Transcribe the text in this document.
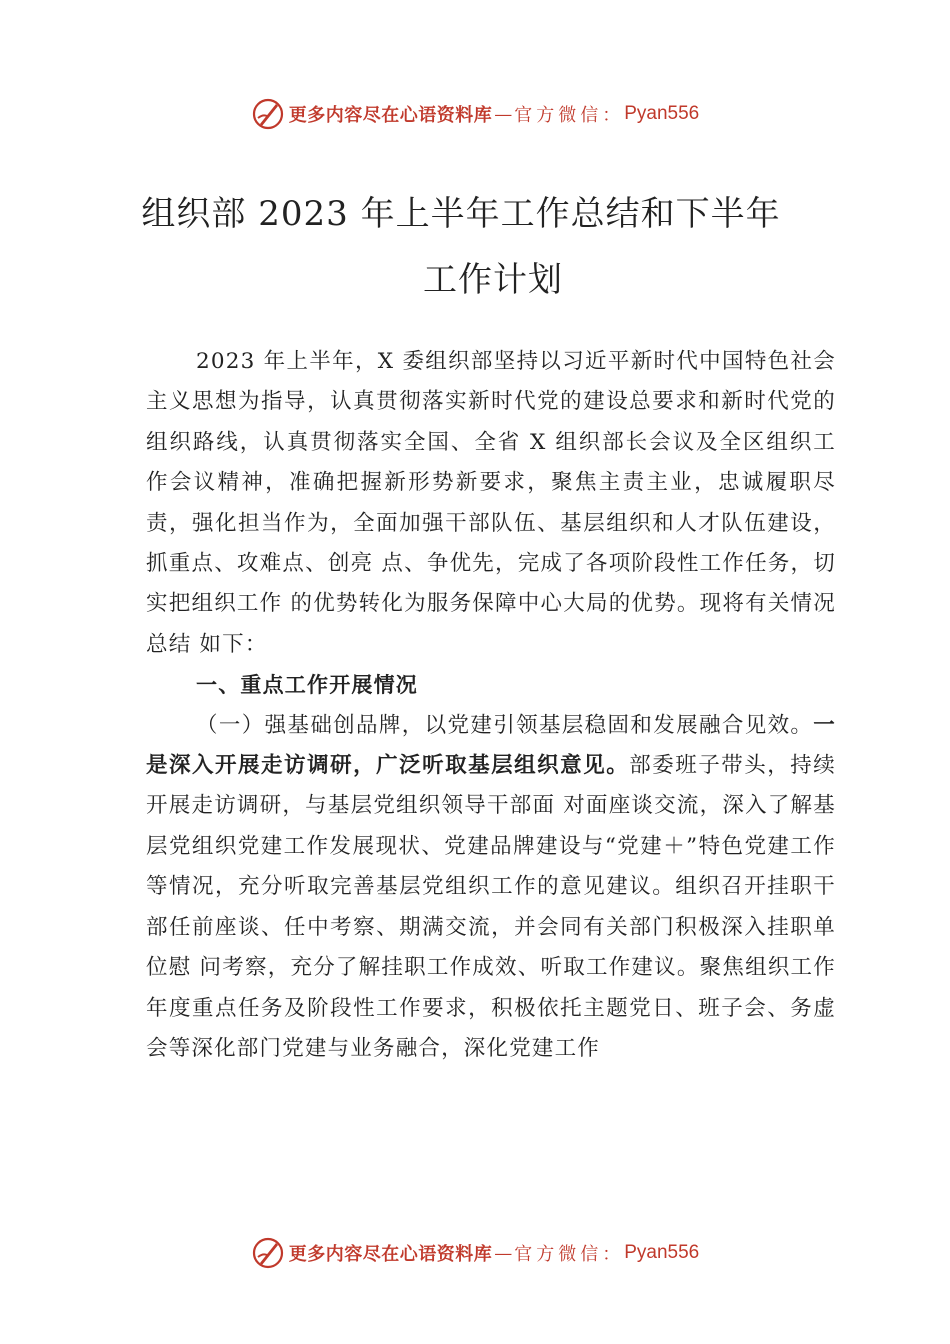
更多内容尽在心语资料库 — 官方微信： Pyan556
组织部 2023 年上半年工作总结和下半年
工作计划

2023 年上半年，X 委组织部坚持以习近平新时代中国特色社会主义思想为指导，认真贯彻落实新时代党的建设总要求和新时代党的组织路线，认真贯彻落实全国、全省 X 组织部长会议及全区组织工作会议精神，准确把握新形势新要求，聚焦主责主业，忠诚履职尽责，强化担当作为，全面加强干部队伍、基层组织和人才队伍建设，抓重点、攻难点、创亮 点、争优先，完成了各项阶段性工作任务，切实把组织工作 的优势转化为服务保障中心大局的优势。现将有关情况总结 如下：

一、重点工作开展情况

（一）强基础创品牌，以党建引领基层稳固和发展融合见效。一是深入开展走访调研，广泛听取基层组织意见。部委班子带头，持续开展走访调研，与基层党组织领导干部面 对面座谈交流，深入了解基层党组织党建工作发展现状、党建品牌建设与“党建＋”特色党建工作等情况，充分听取完善基层党组织工作的意见建议。组织召开挂职干部任前座谈、任中考察、期满交流，并会同有关部门积极深入挂职单位慰 问考察，充分了解挂职工作成效、听取工作建议。聚焦组织工作年度重点任务及阶段性工作要求，积极依托主题党日、班子会、务虚会等深化部门党建与业务融合，深化党建工作

更多内容尽在心语资料库 — 官方微信： Pyan556
